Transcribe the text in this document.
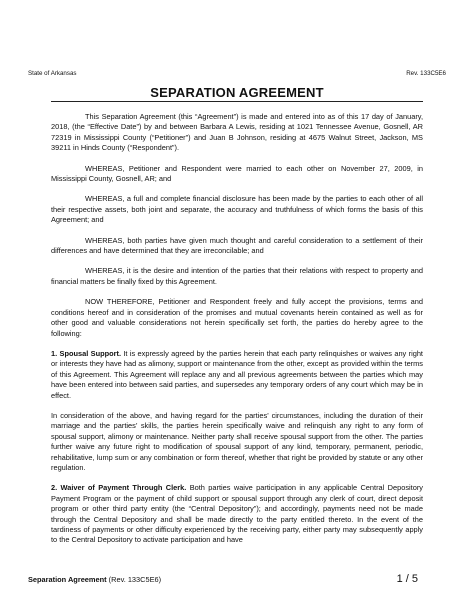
State of Arkansas	Rev. 133C5E6
SEPARATION AGREEMENT

This Separation Agreement (this “Agreement”) is made and entered into as of this 17 day of January, 2018, (the “Effective Date”) by and between Barbara A Lewis, residing at 1021 Tennessee Avenue, Gosnell, AR 72319 in Mississippi County (“Petitioner”) and Juan B Johnson, residing at 4675 Walnut Street, Jackson, MS 39211 in Hinds County (“Respondent”).

WHEREAS, Petitioner and Respondent were married to each other on November 27, 2009, in Mississippi County, Gosnell, AR; and

WHEREAS, a full and complete financial disclosure has been made by the parties to each other of all their respective assets, both joint and separate, the accuracy and truthfulness of which forms the basis of this Agreement; and

WHEREAS, both parties have given much thought and careful consideration to a settlement of their differences and have determined that they are irreconcilable; and

WHEREAS, it is the desire and intention of the parties that their relations with respect to property and financial matters be finally fixed by this Agreement.

NOW THEREFORE, Petitioner and Respondent freely and fully accept the provisions, terms and conditions hereof and in consideration of the promises and mutual covenants herein contained as well as for other good and valuable considerations not herein specifically set forth, the parties do hereby agree to the following:

1. Spousal Support. It is expressly agreed by the parties herein that each party relinquishes or waives any right or interests they have had as alimony, support or maintenance from the other, except as provided within the terms of this Agreement. This Agreement will replace any and all previous agreements between the parties which may have been entered into between said parties, and supersedes any temporary orders of any court which may be in effect.

In consideration of the above, and having regard for the parties’ circumstances, including the duration of their marriage and the parties’ skills, the parties herein specifically waive and relinquish any right to any form of spousal support, alimony or maintenance. Neither party shall receive spousal support from the other. The parties further waive any future right to modification of spousal support of any kind, temporary, permanent, periodic, rehabilitative, lump sum or any combination or form thereof, whether that right be provided by statute or any other regulation.

2. Waiver of Payment Through Clerk. Both parties waive participation in any applicable Central Depository Payment Program or the payment of child support or spousal support through any clerk of court, direct deposit program or other third party entity (the “Central Depository”); and accordingly, payments need not be made through the Central Depository and shall be made directly to the party entitled thereto. In the event of the tardiness of payments or other difficulty experienced by the receiving party, either party may subsequently apply to the Central Depository to activate participation and have

Separation Agreement (Rev. 133C5E6)	1 / 5
